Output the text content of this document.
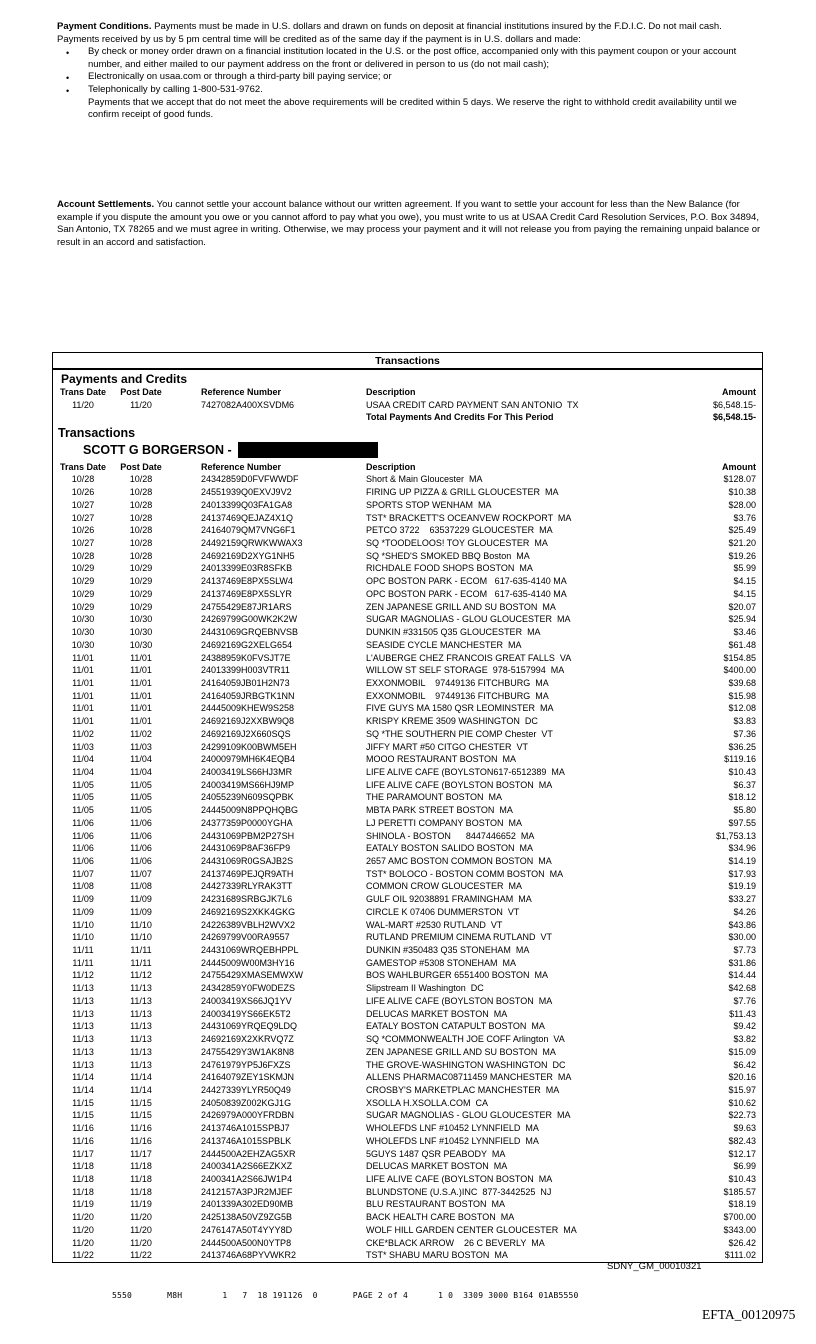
Payment Conditions. Payments must be made in U.S. dollars and drawn on funds on deposit at financial institutions insured by the F.D.I.C. Do not mail cash. Payments received by us by 5 pm central time will be credited as of the same day if the payment is in U.S. dollars and made:

• By check or money order drawn on a financial institution located in the U.S. or the post office, accompanied only with this payment coupon or your account number, and either mailed to our payment address on the front or delivered in person to us (do not mail cash);
• Electronically on usaa.com or through a third-party bill paying service; or
• Telephonically by calling 1-800-531-9762.

Payments that we accept that do not meet the above requirements will be credited within 5 days. We reserve the right to withhold credit availability until we confirm receipt of good funds.

Account Settlements. You cannot settle your account balance without our written agreement. If you want to settle your account for less than the New Balance (for example if you dispute the amount you owe or you cannot afford to pay what you owe), you must write to us at USAA Credit Card Resolution Services, P.O. Box 34894, San Antonio, TX 78265 and we must agree in writing. Otherwise, we may process your payment and it will not release you from paying the remaining unpaid balance or result in an accord and satisfaction.

Transactions
Payments and Credits
Trans Date	Post Date	Reference Number	Description	Amount
11/20	11/20	7427082A400XSVDM6	USAA CREDIT CARD PAYMENT SAN ANTONIO  TX	$6,548.15-
Total Payments And Credits For This Period	$6,548.15-
Transactions
SCOTT G BORGERSON -
Trans Date	Post Date	Reference Number	Description	Amount
10/28	10/28	24342859D0FVFWWDF	Short & Main Gloucester  MA	$128.07
10/26	10/28	24551939Q0EXVJ9V2	FIRING UP PIZZA & GRILL GLOUCESTER  MA	$10.38
10/27	10/28	24013399Q03FA1GA8	SPORTS STOP WENHAM  MA	$28.00
10/27	10/28	24137469QEJAZ4X1Q	TST* BRACKETT'S OCEANVEW ROCKPORT  MA	$3.76
10/26	10/28	24164079QM7VNG6F1	PETCO 3722    63537229 GLOUCESTER  MA	$25.49
10/27	10/28	24492159QRWKWWAX3	SQ *TOODELOOS! TOY GLOUCESTER  MA	$21.20
10/28	10/28	24692169D2XYG1NH5	SQ *SHED'S SMOKED BBQ Boston  MA	$19.26
10/29	10/29	24013399E03R8SFKB	RICHDALE FOOD SHOPS BOSTON  MA	$5.99
10/29	10/29	24137469E8PX5SLW4	OPC BOSTON PARK - ECOM   617-635-4140 MA	$4.15
10/29	10/29	24137469E8PX5SLYR	OPC BOSTON PARK - ECOM   617-635-4140 MA	$4.15
10/29	10/29	24755429E87JR1ARS	ZEN JAPANESE GRILL AND SU BOSTON  MA	$20.07
10/30	10/30	24269799G00WK2K2W	SUGAR MAGNOLIAS - GLOU GLOUCESTER  MA	$25.94
10/30	10/30	24431069GRQEBNVSB	DUNKIN #331505 Q35 GLOUCESTER  MA	$3.46
10/30	10/30	24692169G2XELG654	SEASIDE CYCLE MANCHESTER  MA	$61.48
11/01	11/01	24388959K0FVSJT7E	L'AUBERGE CHEZ FRANCOIS GREAT FALLS  VA	$154.85
11/01	11/01	24013399H003VTR11	WILLOW ST SELF STORAGE  978-5157994  MA	$400.00
11/01	11/01	24164059JB01H2N73	EXXONMOBIL    97449136 FITCHBURG  MA	$39.68
11/01	11/01	24164059JRBGTK1NN	EXXONMOBIL    97449136 FITCHBURG  MA	$15.98
11/01	11/01	24445009KHEW9S258	FIVE GUYS MA 1580 QSR LEOMINSTER  MA	$12.08
11/01	11/01	24692169J2XXBW9Q8	KRISPY KREME 3509 WASHINGTON  DC	$3.83
11/02	11/02	24692169J2X660SQS	SQ *THE SOUTHERN PIE COMP Chester  VT	$7.36
11/03	11/03	24299109K00BWM5EH	JIFFY MART #50 CITGO CHESTER  VT	$36.25
11/04	11/04	24000979MH6K4EQB4	MOOO RESTAURANT BOSTON  MA	$119.16
11/04	11/04	24003419LS66HJ3MR	LIFE ALIVE CAFE (BOYLSTON617-6512389  MA	$10.43
11/05	11/05	24003419MS66HJ9MP	LIFE ALIVE CAFE (BOYLSTON BOSTON  MA	$6.37
11/05	11/05	24055239N609SQPBK	THE PARAMOUNT BOSTON  MA	$18.12
11/05	11/05	24445009N8PPQHQBG	MBTA PARK STREET BOSTON  MA	$5.80
11/06	11/06	24377359P0000YGHA	LJ PERETTI COMPANY BOSTON  MA	$97.55
11/06	11/06	24431069PBM2P27SH	SHINOLA - BOSTON      8447446652  MA	$1,753.13
11/06	11/06	24431069P8AF36FP9	EATALY BOSTON SALIDO BOSTON  MA	$34.96
11/06	11/06	24431069R0GSAJB2S	2657 AMC BOSTON COMMON BOSTON  MA	$14.19
11/07	11/07	24137469PEJQR9ATH	TST* BOLOCO - BOSTON COMM BOSTON  MA	$17.93
11/08	11/08	24427339RLYRAK3TT	COMMON CROW GLOUCESTER  MA	$19.19
11/09	11/09	24231689SRBGJK7L6	GULF OIL 92038891 FRAMINGHAM  MA	$33.27
11/09	11/09	24692169S2XKK4GKG	CIRCLE K 07406 DUMMERSTON  VT	$4.26
11/10	11/10	24226389VBLH2WVX2	WAL-MART #2530 RUTLAND  VT	$43.86
11/10	11/10	24269799V00RA9557	RUTLAND PREMIUM CINEMA RUTLAND  VT	$30.00
11/11	11/11	24431069WRQEBHPPL	DUNKIN #350483 Q35 STONEHAM  MA	$7.73
11/11	11/11	24445009W00M3HY16	GAMESTOP #5308 STONEHAM  MA	$31.86
11/12	11/12	24755429XMASEMWXW	BOS WAHLBURGER 6551400 BOSTON  MA	$14.44
11/13	11/13	24342859Y0FW0DEZS	Slipstream II Washington  DC	$42.68
11/13	11/13	24003419XS66JQ1YV	LIFE ALIVE CAFE (BOYLSTON BOSTON  MA	$7.76
11/13	11/13	24003419YS66EK5T2	DELUCAS MARKET BOSTON  MA	$11.43
11/13	11/13	24431069YRQEQ9LDQ	EATALY BOSTON CATAPULT BOSTON  MA	$9.42
11/13	11/13	24692169X2XKRVQ7Z	SQ *COMMONWEALTH JOE COFF Arlington  VA	$3.82
11/13	11/13	24755429Y3W1AK8N8	ZEN JAPANESE GRILL AND SU BOSTON  MA	$15.09
11/13	11/13	24761979YP5J6FXZS	THE GROVE-WASHINGTON WASHINGTON  DC	$6.42
11/14	11/14	24164079ZEY1SKMJN	ALLENS PHARMAC08711459 MANCHESTER  MA	$20.16
11/14	11/14	24427339YLYR50Q49	CROSBY'S MARKETPLAC MANCHESTER  MA	$15.97
11/15	11/15	24050839Z002KGJ1G	XSOLLA H.XSOLLA.COM  CA	$10.62
11/15	11/15	2426979A000YFRDBN	SUGAR MAGNOLIAS - GLOU GLOUCESTER  MA	$22.73
11/16	11/16	2413746A1015SPBJ7	WHOLEFDS LNF #10452 LYNNFIELD  MA	$9.63
11/16	11/16	2413746A1015SPBLK	WHOLEFDS LNF #10452 LYNNFIELD  MA	$82.43
11/17	11/17	2444500A2EHZAG5XR	5GUYS 1487 QSR PEABODY  MA	$12.17
11/18	11/18	2400341A2S66EZKXZ	DELUCAS MARKET BOSTON  MA	$6.99
11/18	11/18	2400341A2S66JW1P4	LIFE ALIVE CAFE (BOYLSTON BOSTON  MA	$10.43
11/18	11/18	2412157A3PJR2MJEF	BLUNDSTONE (U.S.A.)INC  877-3442525  NJ	$185.57
11/19	11/19	2401339A302ED90MB	BLU RESTAURANT BOSTON  MA	$18.19
11/20	11/20	2425138A50VZ9ZG5B	BACK HEALTH CARE BOSTON  MA	$700.00
11/20	11/20	2476147A50T4YYY8D	WOLF HILL GARDEN CENTER GLOUCESTER  MA	$343.00
11/20	11/20	2444500A500N0YTP8	CKE*BLACK ARROW    26 C BEVERLY  MA	$26.42
11/22	11/22	2413746A68PYVWKR2	TST* SHABU MARU BOSTON  MA	$111.02
SDNY_GM_00010321
5550       M8H        1   7  18 191126  0       PAGE 2 of 4      1 0  3309 3000 B164 01AB5550
EFTA_00120975
